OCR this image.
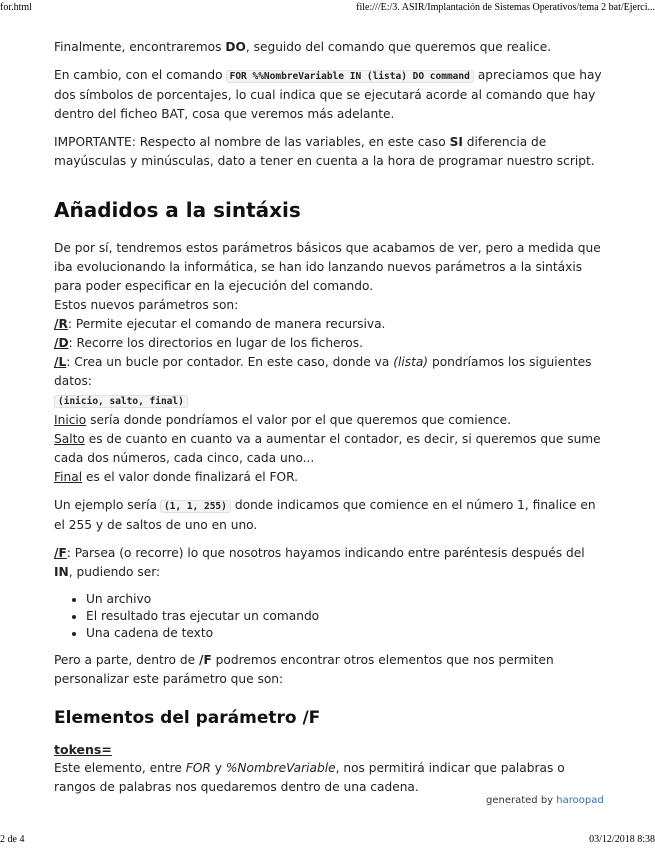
for.html	file:///E:/3. ASIR/Implantación de Sistemas Operativos/tema 2 bat/Ejerci...

Finalmente, encontraremos DO, seguido del comando que queremos que realice.

En cambio, con el comando FOR %%NombreVariable IN (lista) DO command apreciamos que hay dos símbolos de porcentajes, lo cual indica que se ejecutará acorde al comando que hay dentro del ficheo BAT, cosa que veremos más adelante.

IMPORTANTE: Respecto al nombre de las variables, en este caso SI diferencia de mayúsculas y minúsculas, dato a tener en cuenta a la hora de programar nuestro script.

Añadidos a la sintáxis

De por sí, tendremos estos parámetros básicos que acabamos de ver, pero a medida que iba evolucionando la informática, se han ido lanzando nuevos parámetros a la sintáxis para poder especificar en la ejecución del comando.

Estos nuevos parámetros son:

/R: Permite ejecutar el comando de manera recursiva.

/D: Recorre los directorios en lugar de los ficheros.

/L: Crea un bucle por contador. En este caso, donde va (lista) pondríamos los siguientes datos:

(inicio, salto, final)

Inicio sería donde pondríamos el valor por el que queremos que comience.

Salto es de cuanto en cuanto va a aumentar el contador, es decir, si queremos que sume cada dos números, cada cinco, cada uno...

Final es el valor donde finalizará el FOR.

Un ejemplo sería (1, 1, 255) donde indicamos que comience en el número 1, finalice en el 255 y de saltos de uno en uno.

/F: Parsea (o recorre) lo que nosotros hayamos indicando entre paréntesis después del IN, pudiendo ser:

• Un archivo
• El resultado tras ejecutar un comando
• Una cadena de texto

Pero a parte, dentro de /F podremos encontrar otros elementos que nos permiten personalizar este parámetro que son:

Elementos del parámetro /F
tokens=

Este elemento, entre FOR y %NombreVariable, nos permitirá indicar que palabras o rangos de palabras nos quedaremos dentro de una cadena.

generated by haroopad
2 de 4	03/12/2018 8:38
